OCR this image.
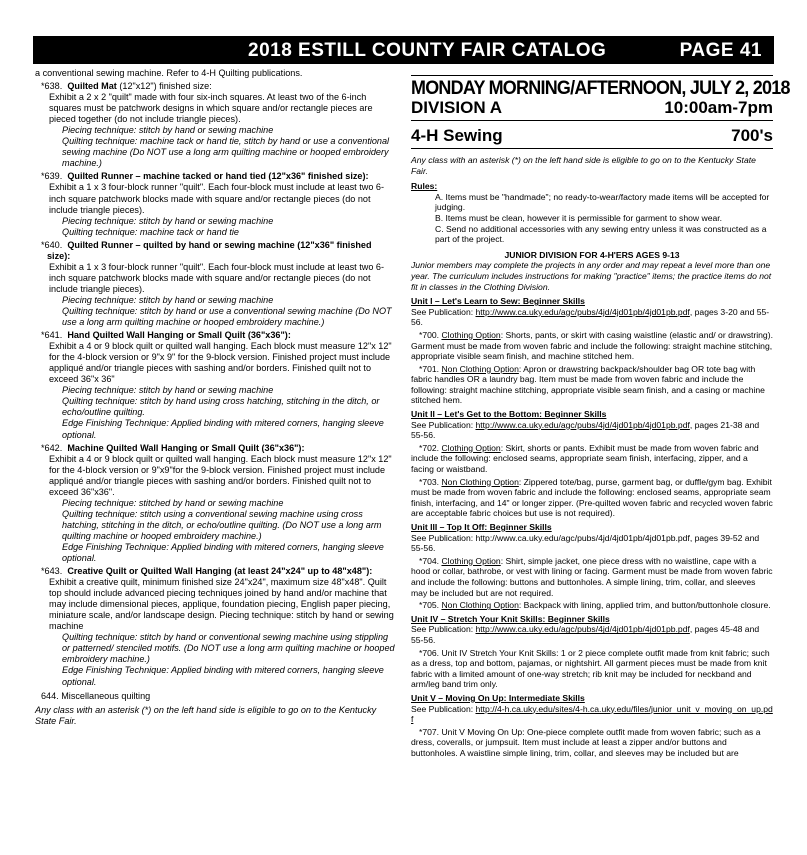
2018 ESTILL COUNTY FAIR CATALOG	PAGE 41

a conventional sewing machine. Refer to 4-H Quilting publications.

*638. Quilted Mat (12"x12") finished size:

Exhibit a 2 x 2 "quilt" made with four six-inch squares. At least two of the 6-inch squares must be patchwork designs in which square and/or rectangle pieces are pieced together (do not include triangle pieces).

Piecing technique: stitch by hand or sewing machine

Quilting technique: machine tack or hand tie, stitch by hand or use a conventional sewing machine (Do NOT use a long arm quilting machine or hooped embroidery machine.)

*639. Quilted Runner – machine tacked or hand tied (12"x36" finished size):

Exhibit a 1 x 3 four-block runner "quilt". Each four-block must include at least two 6-inch square patchwork blocks made with square and/or rectangle pieces (do not include triangle pieces).

Piecing technique: stitch by hand or sewing machine

Quilting technique: machine tack or hand tie

*640. Quilted Runner – quilted by hand or sewing machine (12"x36" finished size):

Exhibit a 1 x 3 four-block runner "quilt". Each four-block must include at least two 6-inch square patchwork blocks made with square and/or rectangle pieces (do not include triangle pieces).

Piecing technique: stitch by hand or sewing machine

Quilting technique: stitch by hand or use a conventional sewing machine (Do NOT use a long arm quilting machine or hooped embroidery machine.)

*641. Hand Quilted Wall Hanging or Small Quilt (36"x36"):

Exhibit a 4 or 9 block quilt or quilted wall hanging. Each block must measure 12"x 12" for the 4-block version or 9"x 9" for the 9-block version. Finished project must include appliqué and/or triangle pieces with sashing and/or borders. Finished quilt not to exceed 36"x 36"

Piecing technique: stitch by hand or sewing machine

Quilting technique: stitch by hand using cross hatching, stitching in the ditch, or echo/outline quilting.

Edge Finishing Technique: Applied binding with mitered corners, hanging sleeve optional.

*642. Machine Quilted Wall Hanging or Small Quilt (36"x36"):

Exhibit a 4 or 9 block quilt or quilted wall hanging. Each block must measure 12"x 12" for the 4-block version or 9"x9"for the 9-block version. Finished project must include appliqué and/or triangle pieces with sashing and/or borders. Finished quilt not to exceed 36"x36".

Piecing technique: stitched by hand or sewing machine

Quilting technique: stitch using a conventional sewing machine using cross hatching, stitching in the ditch, or echo/outline quilting. (Do NOT use a long arm quilting machine or hooped embroidery machine.)

Edge Finishing Technique: Applied binding with mitered corners, hanging sleeve optional.

*643. Creative Quilt or Quilted Wall Hanging (at least 24"x24" up to 48"x48"):

Exhibit a creative quilt, minimum finished size 24"x24", maximum size 48"x48". Quilt top should include advanced piecing techniques joined by hand and/or machine that may include dimensional pieces, applique, foundation piecing, English paper piecing, miniature scale, and/or landscape design. Piecing technique: stitch by hand or sewing machine

Quilting technique: stitch by hand or conventional sewing machine using stippling or patterned/ stenciled motifs. (Do NOT use a long arm quilting machine or hooped embroidery machine.)

Edge Finishing Technique: Applied binding with mitered corners, hanging sleeve optional.

644. Miscellaneous quilting

Any class with an asterisk (*) on the left hand side is eligible to go on to the Kentucky State Fair.

MONDAY MORNING/AFTERNOON, JULY 2, 2018
DIVISION A	10:00am-7pm
4-H Sewing	700's

Any class with an asterisk (*) on the left hand side is eligible to go on to the Kentucky State Fair.

Rules:

A. Items must be "handmade"; no ready-to-wear/factory made items will be accepted for judging.

B. Items must be clean, however it is permissible for garment to show wear.

C. Send no additional accessories with any sewing entry unless it was constructed as a part of the project.

JUNIOR DIVISION FOR 4-H'ERS AGES 9-13

Junior members may complete the projects in any order and may repeat a level more than one year. The curriculum includes instructions for making "practice" items; the practice items do not fit in classes in the Clothing Division.

Unit I – Let's Learn to Sew: Beginner Skills

See Publication: http://www.ca.uky.edu/agc/pubs/4jd/4jd01pb/4jd01pb.pdf, pages 3-20 and 55-56.

*700. Clothing Option: Shorts, pants, or skirt with casing waistline (elastic and/ or drawstring). Garment must be made from woven fabric and include the following: straight machine stitching, appropriate visible seam finish, and machine stitched hem.

*701. Non Clothing Option: Apron or drawstring backpack/shoulder bag OR tote bag with fabric handles OR a laundry bag. Item must be made from woven fabric and include the following: straight machine stitching, appropriate visible seam finish, and a casing or machine stitched hem.

Unit II – Let's Get to the Bottom: Beginner Skills

See Publication: http://www.ca.uky.edu/agc/pubs/4jd/4jd01pb/4jd01pb.pdf, pages 21-38 and 55-56.

*702. Clothing Option: Skirt, shorts or pants. Exhibit must be made from woven fabric and include the following: enclosed seams, appropriate seam finish, interfacing, zipper, and a facing or waistband.

*703. Non Clothing Option: Zippered tote/bag, purse, garment bag, or duffle/gym bag. Exhibit must be made from woven fabric and include the following: enclosed seams, appropriate seam finish, interfacing, and 14" or longer zipper. (Pre-quilted woven fabric and recycled woven fabric are acceptable fabric choices but use is not required).

Unit III – Top It Off: Beginner Skills

See Publication: http://www.ca.uky.edu/agc/pubs/4jd/4jd01pb/4jd01pb.pdf, pages 39-52 and 55-56.

*704. Clothing Option: Shirt, simple jacket, one piece dress with no waistline, cape with a hood or collar, bathrobe, or vest with lining or facing. Garment must be made from woven fabric and include the following: buttons and buttonholes. A simple lining, trim, collar, and sleeves may be included but are not required.

*705. Non Clothing Option: Backpack with lining, applied trim, and button/buttonhole closure.

Unit IV – Stretch Your Knit Skills: Beginner Skills

See Publication: http://www.ca.uky.edu/agc/pubs/4jd/4jd01pb/4jd01pb.pdf, pages 45-48 and 55-56.

*706. Unit IV Stretch Your Knit Skills: 1 or 2 piece complete outfit made from knit fabric; such as a dress, top and bottom, pajamas, or nightshirt. All garment pieces must be made from knit fabric with a limited amount of one-way stretch; rib knit may be included for neckband and arm/leg band trim only.

Unit V – Moving On Up: Intermediate Skills

See Publication: http://4-h.ca.uky.edu/sites/4-h.ca.uky.edu/files/junior_unit_v_moving_on_up.pdf

*707. Unit V Moving On Up: One-piece complete outfit made from woven fabric; such as a dress, coveralls, or jumpsuit. Item must include at least a zipper and/or buttons and buttonholes. A waistline simple lining, trim, collar, and sleeves may be included but are
